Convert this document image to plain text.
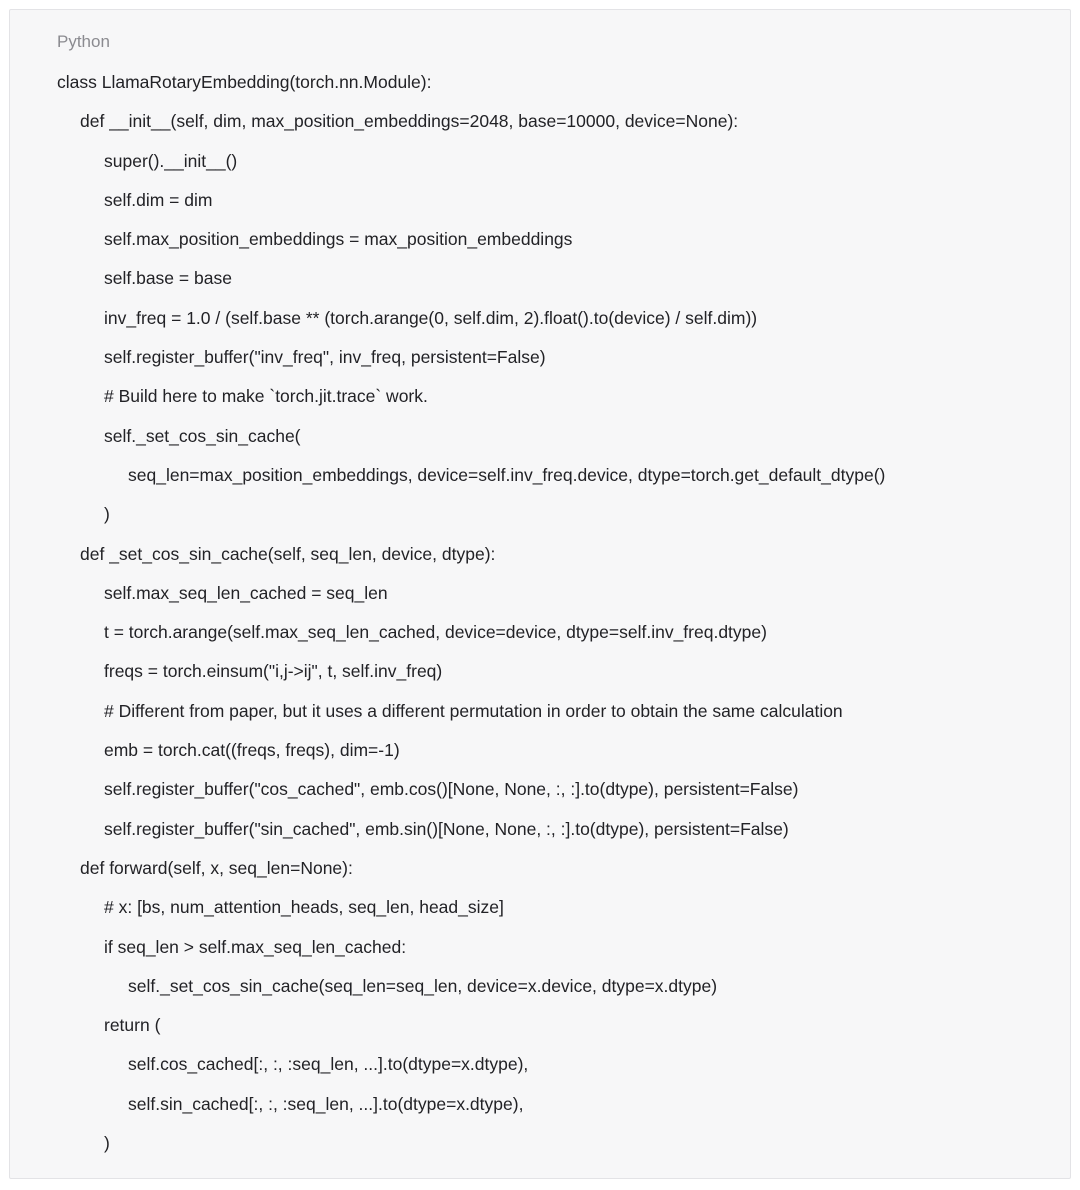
Python
class LlamaRotaryEmbedding(torch.nn.Module):
def __init__(self, dim, max_position_embeddings=2048, base=10000, device=None):
super().__init__()
self.dim = dim
self.max_position_embeddings = max_position_embeddings
self.base = base
inv_freq = 1.0 / (self.base ** (torch.arange(0, self.dim, 2).float().to(device) / self.dim))
self.register_buffer("inv_freq", inv_freq, persistent=False)
# Build here to make `torch.jit.trace` work.
self._set_cos_sin_cache(
seq_len=max_position_embeddings, device=self.inv_freq.device, dtype=torch.get_default_dtype()
)
def _set_cos_sin_cache(self, seq_len, device, dtype):
self.max_seq_len_cached = seq_len
t = torch.arange(self.max_seq_len_cached, device=device, dtype=self.inv_freq.dtype)
freqs = torch.einsum("i,j->ij", t, self.inv_freq)
# Different from paper, but it uses a different permutation in order to obtain the same calculation
emb = torch.cat((freqs, freqs), dim=-1)
self.register_buffer("cos_cached", emb.cos()[None, None, :, :].to(dtype), persistent=False)
self.register_buffer("sin_cached", emb.sin()[None, None, :, :].to(dtype), persistent=False)
def forward(self, x, seq_len=None):
# x: [bs, num_attention_heads, seq_len, head_size]
if seq_len > self.max_seq_len_cached:
self._set_cos_sin_cache(seq_len=seq_len, device=x.device, dtype=x.dtype)
return (
self.cos_cached[:, :, :seq_len, ...].to(dtype=x.dtype),
self.sin_cached[:, :, :seq_len, ...].to(dtype=x.dtype),
)
